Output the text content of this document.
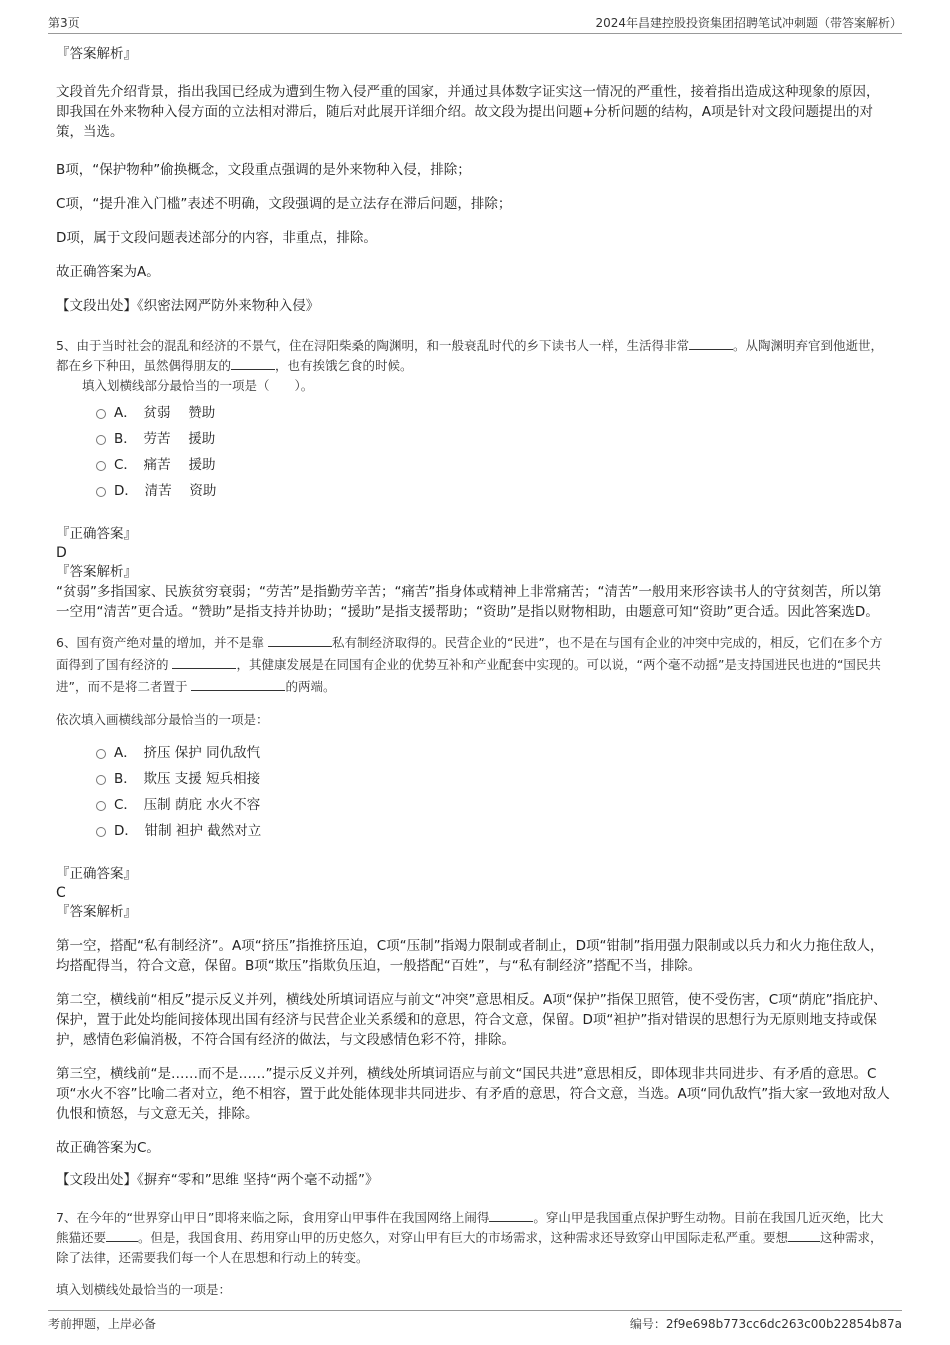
第3页	2024年昌建控股投资集团招聘笔试冲刺题（带答案解析）
『答案解析』
文段首先介绍背景，指出我国已经成为遭到生物入侵严重的国家，并通过具体数字证实这一情况的严重性，接着指出造成这种现象的原因，即我国在外来物种入侵方面的立法相对滞后，随后对此展开详细介绍。故文段为提出问题+分析问题的结构，A项是针对文段问题提出的对策，当选。
B项，“保护物种”偷换概念，文段重点强调的是外来物种入侵，排除；
C项，“提升准入门槛”表述不明确，文段强调的是立法存在滞后问题，排除；
D项，属于文段问题表述部分的内容，非重点，排除。
故正确答案为A。
【文段出处】《织密法网严防外来物种入侵》
5、由于当时社会的混乱和经济的不景气，住在浔阳柴桑的陶渊明，和一般衰乱时代的乡下读书人一样，生活得非常	。从陶渊明弃官到他逝世，都在乡下种田，虽然偶得朋友的	，也有挨饿乞食的时候。
填入划横线部分最恰当的一项是（　　）。
A．　贫弱　 赞助
B．　劳苦　 援助
C．　痛苦　 援助
D．　清苦　 资助
『正确答案』
D
『答案解析』
“贫弱”多指国家、民族贫穷衰弱；“劳苦”是指勤劳辛苦；“痛苦”指身体或精神上非常痛苦；“清苦”一般用来形容读书人的守贫刻苦，所以第一空用“清苦”更合适。“赞助”是指支持并协助；“援助”是指支援帮助；“资助”是指以财物相助，由题意可知“资助”更合适。因此答案选D。
6、国有资产绝对量的增加，并不是靠	私有制经济取得的。民营企业的“民进”，也不是在与国有企业的冲突中完成的，相反，它们在多个方面得到了国有经济的	，其健康发展是在同国有企业的优势互补和产业配套中实现的。可以说，“两个毫不动摇”是支持国进民也进的“国民共进”，而不是将二者置于	的两端。
依次填入画横线部分最恰当的一项是：
A．　挤压 保护 同仇敌忾
B．　欺压 支援 短兵相接
C．　压制 荫庇 水火不容
D．　钳制 袒护 截然对立
『正确答案』
C
『答案解析』
第一空，搭配“私有制经济”。A项“挤压”指推挤压迫，C项“压制”指竭力限制或者制止，D项“钳制”指用强力限制或以兵力和火力拖住敌人，均搭配得当，符合文意，保留。B项“欺压”指欺负压迫，一般搭配“百姓”，与“私有制经济”搭配不当，排除。
第二空，横线前“相反”提示反义并列，横线处所填词语应与前文“冲突”意思相反。A项“保护”指保卫照管，使不受伤害，C项“荫庇”指庇护、保护，置于此处均能间接体现出国有经济与民营企业关系缓和的意思，符合文意，保留。D项“袒护”指对错误的思想行为无原则地支持或保护，感情色彩偏消极，不符合国有经济的做法，与文段感情色彩不符，排除。
第三空，横线前“是……而不是……”提示反义并列，横线处所填词语应与前文“国民共进”意思相反，即体现非共同进步、有矛盾的意思。C项“水火不容”比喻二者对立，绝不相容，置于此处能体现非共同进步、有矛盾的意思，符合文意，当选。A项“同仇敌忾”指大家一致地对敌人仇恨和愤怒，与文意无关，排除。
故正确答案为C。
【文段出处】《摒弃“零和”思维 坚持“两个毫不动摇”》
7、在今年的“世界穿山甲日”即将来临之际，食用穿山甲事件在我国网络上闹得	。穿山甲是我国重点保护野生动物。目前在我国几近灭绝，比大熊猫还要	。但是，我国食用、药用穿山甲的历史悠久，对穿山甲有巨大的市场需求，这种需求还导致穿山甲国际走私严重。要想	这种需求，除了法律，还需要我们每一个人在思想和行动上的转变。
填入划横线处最恰当的一项是：
考前押题，上岸必备	编号：2f9e698b773cc6dc263c00b22854b87a
